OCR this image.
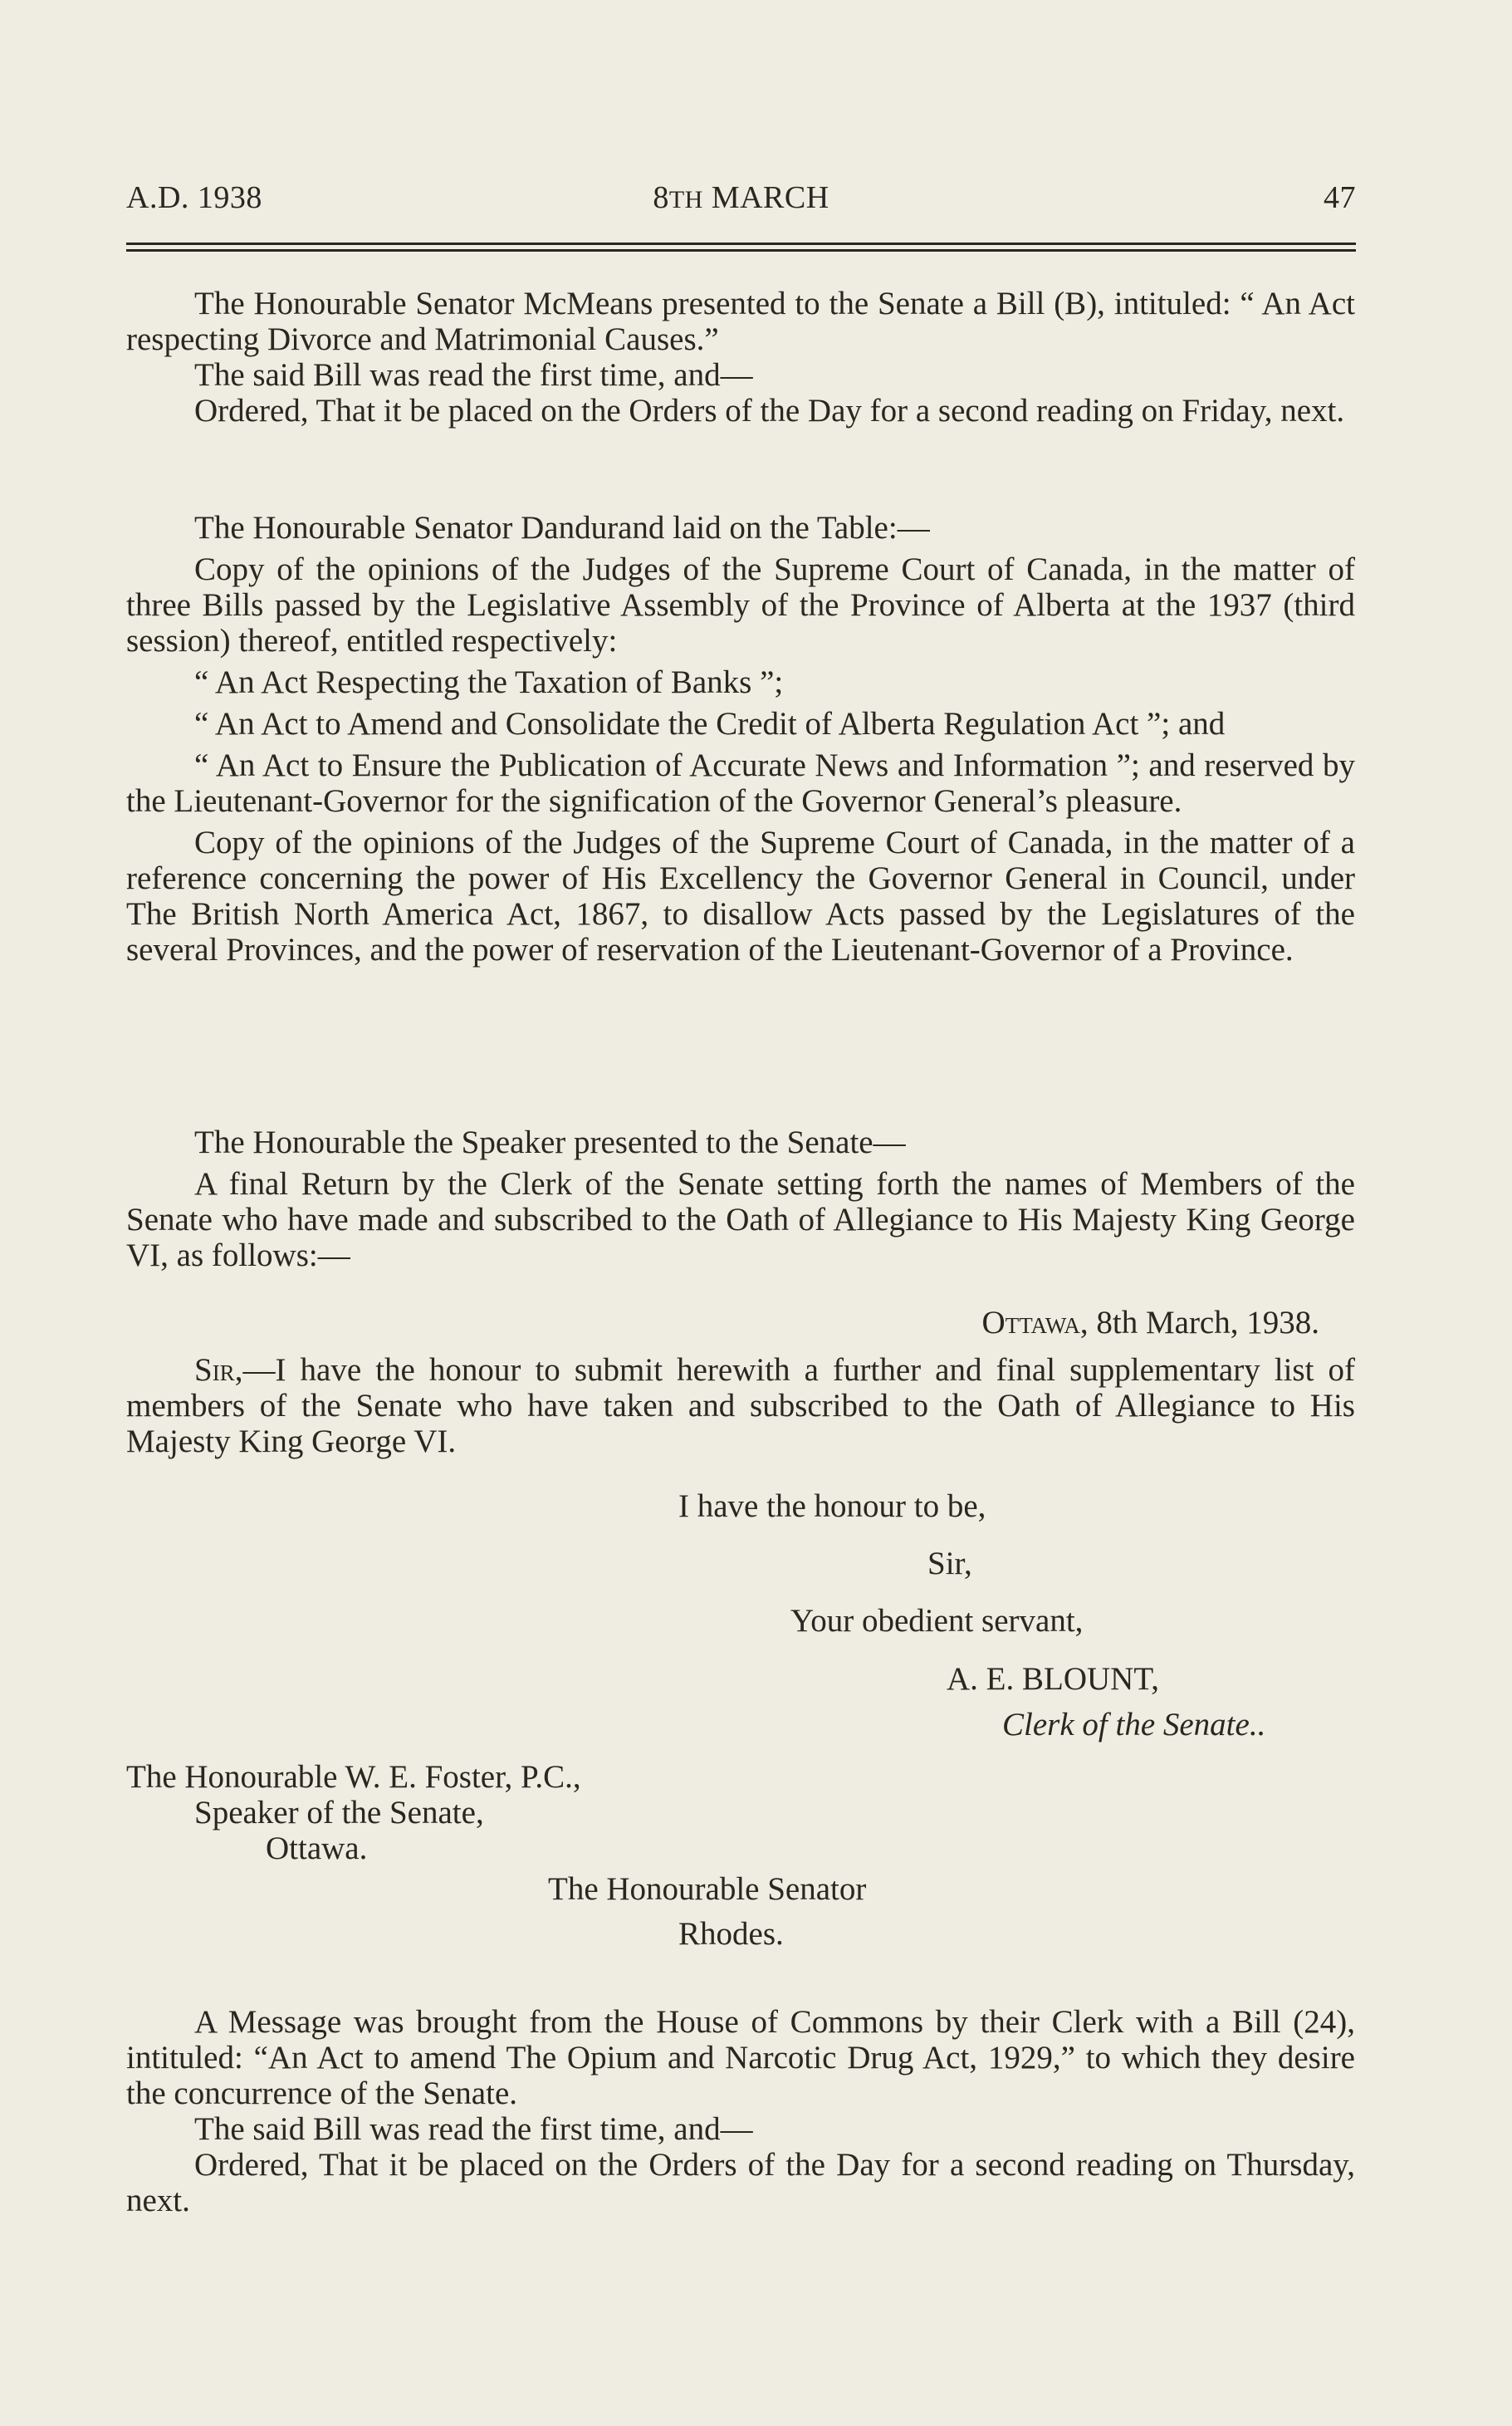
A.D. 1938	8TH MARCH	47

The Honourable Senator McMeans presented to the Senate a Bill (B), intituled: “ An Act respecting Divorce and Matrimonial Causes.”

The said Bill was read the first time, and—

Ordered, That it be placed on the Orders of the Day for a second reading on Friday, next.

The Honourable Senator Dandurand laid on the Table:—

Copy of the opinions of the Judges of the Supreme Court of Canada, in the matter of three Bills passed by the Legislative Assembly of the Province of Alberta at the 1937 (third session) thereof, entitled respectively:

“ An Act Respecting the Taxation of Banks ”;

“ An Act to Amend and Consolidate the Credit of Alberta Regulation Act ”; and

“ An Act to Ensure the Publication of Accurate News and Information ”; and reserved by the Lieutenant-Governor for the signification of the Governor General’s pleasure.

Copy of the opinions of the Judges of the Supreme Court of Canada, in the matter of a reference concerning the power of His Excellency the Governor General in Council, under The British North America Act, 1867, to disallow Acts passed by the Legislatures of the several Provinces, and the power of reservation of the Lieutenant-Governor of a Province.

The Honourable the Speaker presented to the Senate—

A final Return by the Clerk of the Senate setting forth the names of Members of the Senate who have made and subscribed to the Oath of Allegiance to His Majesty King George VI, as follows:—

Ottawa, 8th March, 1938.

Sir,—I have the honour to submit herewith a further and final supplementary list of members of the Senate who have taken and subscribed to the Oath of Allegiance to His Majesty King George VI.

I have the honour to be,
Sir,
Your obedient servant,
A. E. BLOUNT,
Clerk of the Senate..
The Honourable W. E. Foster, P.C.,
Speaker of the Senate,
Ottawa.
The Honourable Senator
Rhodes.

A Message was brought from the House of Commons by their Clerk with a Bill (24), intituled: “An Act to amend The Opium and Narcotic Drug Act, 1929,” to which they desire the concurrence of the Senate.

The said Bill was read the first time, and—

Ordered, That it be placed on the Orders of the Day for a second reading on Thursday, next.
